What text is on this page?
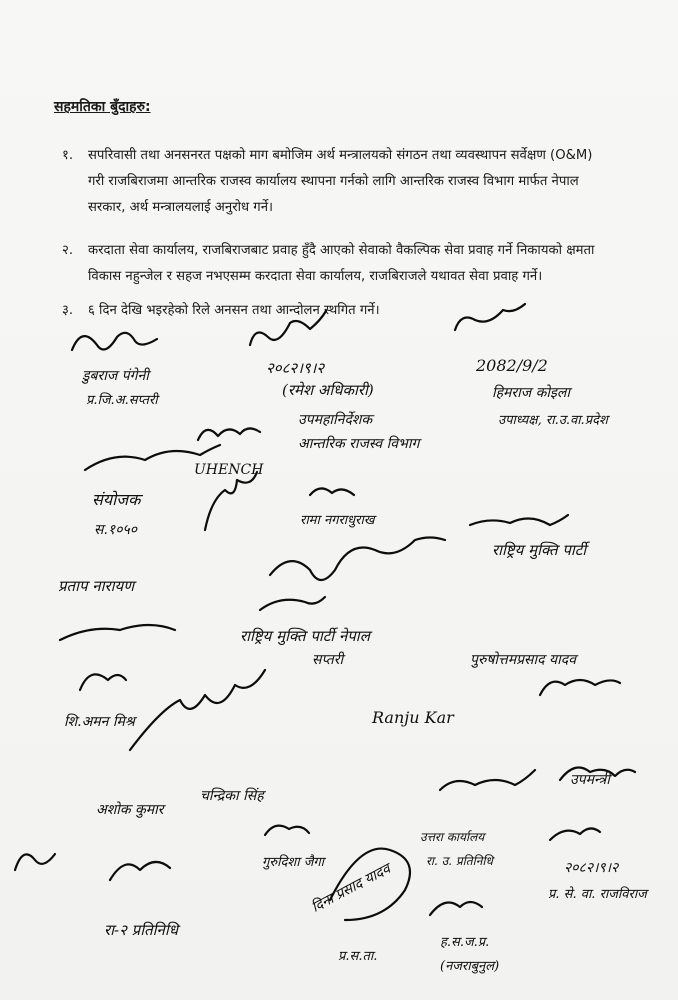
सहमतिका बुँदाहरु:
१. सपरिवासी तथा अनसनरत पक्षको माग बमोजिम अर्थ मन्त्रालयको संगठन तथा व्यवस्थापन सर्वेक्षण (O&M)
गरी राजबिराजमा आन्तरिक राजस्व कार्यालय स्थापना गर्नको लागि आन्तरिक राजस्व विभाग मार्फत नेपाल
सरकार, अर्थ मन्त्रालयलाई अनुरोध गर्ने।
२. करदाता सेवा कार्यालय, राजबिराजबाट प्रवाह हुँदै आएको सेवाको वैकल्पिक सेवा प्रवाह गर्ने निकायको क्षमता
विकास नहुन्जेल र सहज नभएसम्म करदाता सेवा कार्यालय, राजबिराजले यथावत सेवा प्रवाह गर्ने।
३. ६ दिन देखि भइरहेको रिले अनसन तथा आन्दोलन स्थगित गर्ने।
डुबराज पंगेनी
प्र.जि.अ.सप्तरी
२०८२।९।२
(रमेश अधिकारी)
उपमहानिर्देशक
आन्तरिक राजस्व विभाग
2082/9/2
हिमराज कोइला
उपाध्यक्ष, रा.उ.वा.प्रदेश
संयोजक
स.१०५०
UHENCH
रामा नगराधुराख
राष्ट्रिय मुक्ति पार्टी
प्रताप नारायण
राष्ट्रिय मुक्ति पार्टी नेपाल
सप्तरी	पुरुषोत्तमप्रसाद यादव
शि.अमन मिश्र	Ranju Kar
अशोक कुमार
चन्द्रिका सिंह
गुरुदिशा जैगा
उत्तरा कार्यालय
रा. उ. प्रतिनिधि
उपमन्त्री
२०८२।९।२
प्र. से. वा. राजविराज
रा-२ प्रतिनिधि
दिना प्रसाद यादव
प्र.स.ता.
ह.स.ज.प्र.
(नजराबुनुल)
